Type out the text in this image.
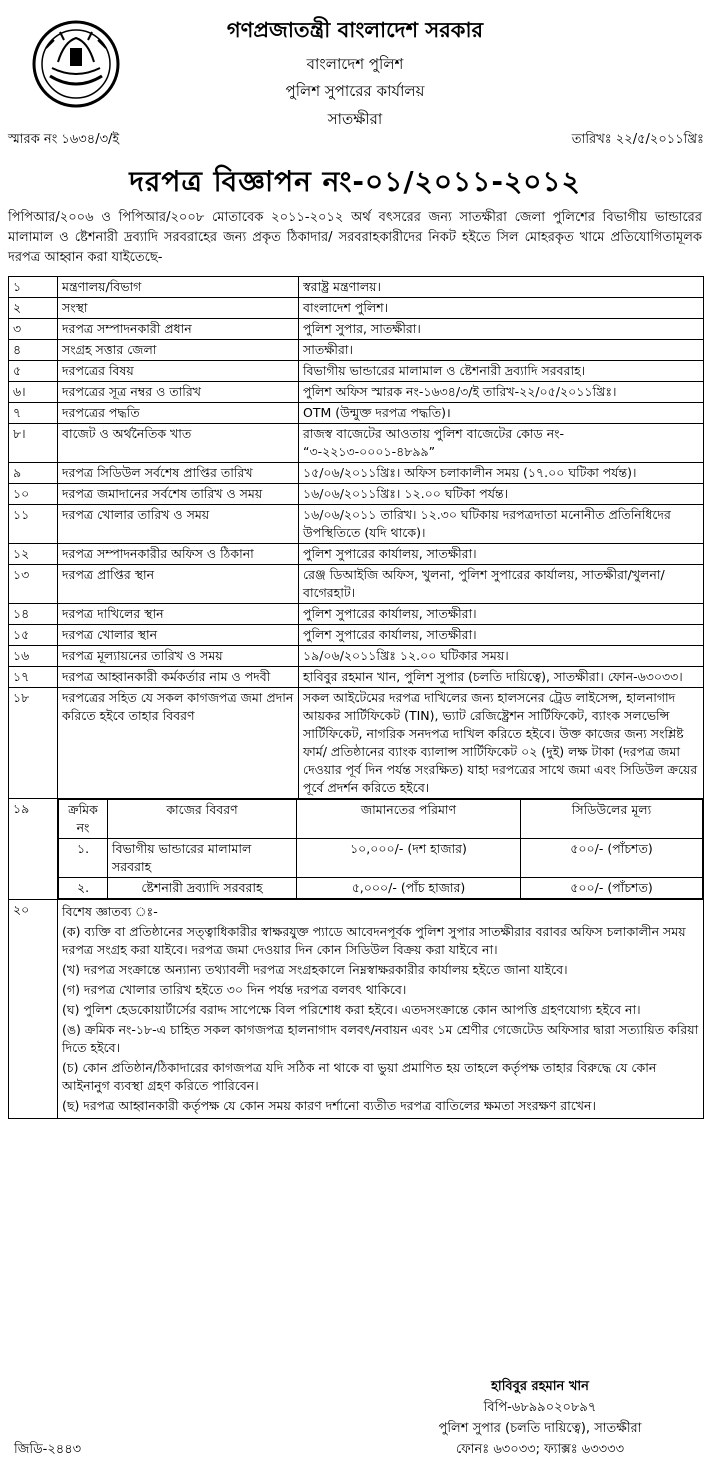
গণপ্রজাতন্ত্রী বাংলাদেশ সরকার
বাংলাদেশ পুলিশ
পুলিশ সুপারের কার্যালয়
সাতক্ষীরা
স্মারক নং ১৬৩৪/৩/ই	তারিখঃ ২২/৫/২০১১খ্রিঃ
দরপত্র বিজ্ঞাপন নং-০১/২০১১-২০১২
পিপিআর/২০০৬ ও পিপিআর/২০০৮ মোতাবেক ২০১১-২০১২ অর্থ বৎসরের জন্য সাতক্ষীরা জেলা পুলিশের বিভাগীয় ভান্ডারের মালামাল ও ষ্টেশনারী দ্রব্যাদি সরবরাহের জন্য প্রকৃত ঠিকাদার/ সরবরাহকারীদের নিকট হইতে সিল মোহরকৃত খামে প্রতিযোগিতামূলক দরপত্র আহ্বান করা যাইতেছে-
১	মন্ত্রণালয়/বিভাগ	স্বরাষ্ট্র মন্ত্রণালয়।
২	সংস্থা	বাংলাদেশ পুলিশ।
৩	দরপত্র সম্পাদনকারী প্রধান	পুলিশ সুপার, সাতক্ষীরা।
৪	সংগ্রহ সত্তার জেলা	সাতক্ষীরা।
৫	দরপত্রের বিষয়	বিভাগীয় ভান্ডারের মালামাল ও ষ্টেশনারী দ্রব্যাদি সরবরাহ।
৬।	দরপত্রের সূত্র নম্বর ও তারিখ	পুলিশ অফিস স্মারক নং-১৬৩৪/৩/ই তারিখ-২২/০৫/২০১১খ্রিঃ।
৭	দরপত্রের পদ্ধতি	OTM (উন্মুক্ত দরপত্র পদ্ধতি)।
৮।	বাজেট ও অর্থনৈতিক খাত	রাজস্ব বাজেটের আওতায় পুলিশ বাজেটের কোড নং- “৩-২২১৩-০০০১-৪৮৯৯”
৯	দরপত্র সিডিউল সর্বশেষ প্রাপ্তির তারিখ	১৫/০৬/২০১১খ্রিঃ। অফিস চলাকালীন সময় (১৭.০০ ঘটিকা পর্যন্ত)।
১০	দরপত্র জমাদানের সর্বশেষ তারিখ ও সময়	১৬/০৬/২০১১খ্রিঃ। ১২.০০ ঘটিকা পর্যন্ত।
১১	দরপত্র খোলার তারিখ ও সময়	১৬/০৬/২০১১ তারিখ। ১২.৩০ ঘটিকায় দরপত্রদাতা মনোনীত প্রতিনিধিদের উপস্থিতিতে (যদি থাকে)।
১২	দরপত্র সম্পাদনকারীর অফিস ও ঠিকানা	পুলিশ সুপারের কার্যালয়, সাতক্ষীরা।
১৩	দরপত্র প্রাপ্তির স্থান	রেঞ্জ ডিআইজি অফিস, খুলনা, পুলিশ সুপারের কার্যালয়, সাতক্ষীরা/খুলনা/ বাগেরহাট।
১৪	দরপত্র দাখিলের স্থান	পুলিশ সুপারের কার্যালয়, সাতক্ষীরা।
১৫	দরপত্র খোলার স্থান	পুলিশ সুপারের কার্যালয়, সাতক্ষীরা।
১৬	দরপত্র মূল্যায়নের তারিখ ও সময়	১৯/০৬/২০১১খ্রিঃ ১২.০০ ঘটিকার সময়।
১৭	দরপত্র আহ্বানকারী কর্মকর্তার নাম ও পদবী	হাবিবুর রহমান খান, পুলিশ সুপার (চলতি দায়িত্বে), সাতক্ষীরা। ফোন-৬৩০৩৩।
১৮	দরপত্রের সহিত যে সকল কাগজপত্র জমা প্রদান করিতে হইবে তাহার বিবরণ	সকল আইটেমের দরপত্র দাখিলের জন্য হালসনের ট্রেড লাইসেন্স, হালনাগাদ আয়কর সার্টিফিকেট (TIN), ভ্যাট রেজিষ্ট্রেশন সার্টিফিকেট, ব্যাংক সলভেন্সি সার্টিফিকেট, নাগরিক সনদপত্র দাখিল করিতে হইবে। উক্ত কাজের জন্য সংশ্লিষ্ট ফার্ম/ প্রতিষ্ঠানের ব্যাংক ব্যালান্স সার্টিফিকেট ০২ (দুই) লক্ষ টাকা (দরপত্র জমা দেওয়ার পূর্ব দিন পর্যন্ত সংরক্ষিত) যাহা দরপত্রের সাথে জমা এবং সিডিউল ক্রয়ের পূর্বে প্রদর্শন করিতে হইবে।
১৯		ক্রমিক নং	কাজের বিবরণ	জামানতের পরিমাণ	সিডিউলের মূল্য
১.	বিভাগীয় ভান্ডারের মালামাল সরবরাহ	১০,০০০/- (দশ হাজার)	৫০০/- (পাঁচশত)
২.	ষ্টেশনারী দ্রব্যাদি সরবরাহ	৫,০০০/- (পাঁচ হাজার)	৫০০/- (পাঁচশত)

২০	বিশেষ জ্ঞাতব্য ঃ-

(ক) ব্যক্তি বা প্রতিষ্ঠানের সত্ত্বাধিকারীর স্বাক্ষরযুক্ত প্যাডে আবেদনপূর্বক পুলিশ সুপার সাতক্ষীরার বরাবর অফিস চলাকালীন সময় দরপত্র সংগ্রহ করা যাইবে। দরপত্র জমা দেওয়ার দিন কোন সিডিউল বিক্রয় করা যাইবে না।

(খ) দরপত্র সংক্রান্তে অন্যান্য তথ্যাবলী দরপত্র সংগ্রহকালে নিম্নস্বাক্ষরকারীর কার্যালয় হইতে জানা যাইবে।

(গ) দরপত্র খোলার তারিখ হইতে ৩০ দিন পর্যন্ত দরপত্র বলবৎ থাকিবে।

(ঘ) পুলিশ হেডকোয়ার্টার্সের বরাদ্দ সাপেক্ষে বিল পরিশোধ করা হইবে। এতদসংক্রান্তে কোন আপত্তি গ্রহণযোগ্য হইবে না।

(ঙ) ক্রমিক নং-১৮-এ চাহিত সকল কাগজপত্র হালনাগাদ বলবৎ/নবায়ন এবং ১ম শ্রেণীর গেজেটেড অফিসার দ্বারা সত্যায়িত করিয়া দিতে হইবে।

(চ) কোন প্রতিষ্ঠান/ঠিকাদারের কাগজপত্র যদি সঠিক না থাকে বা ভুয়া প্রমাণিত হয় তাহলে কর্তৃপক্ষ তাহার বিরুদ্ধে যে কোন আইনানুগ ব্যবস্থা গ্রহণ করিতে পারিবেন।

(ছ) দরপত্র আহ্বানকারী কর্তৃপক্ষ যে কোন সময় কারণ দর্শানো ব্যতীত দরপত্র বাতিলের ক্ষমতা সংরক্ষণ রাখেন।

হাবিবুর রহমান খান
বিপি-৬৮৯৯০২০৮৯৭
পুলিশ সুপার (চলতি দায়িত্বে), সাতক্ষীরা
ফোনঃ ৬৩০৩৩; ফ্যাক্সঃ ৬৩৩৩৩
জিডি-২৪৪৩
